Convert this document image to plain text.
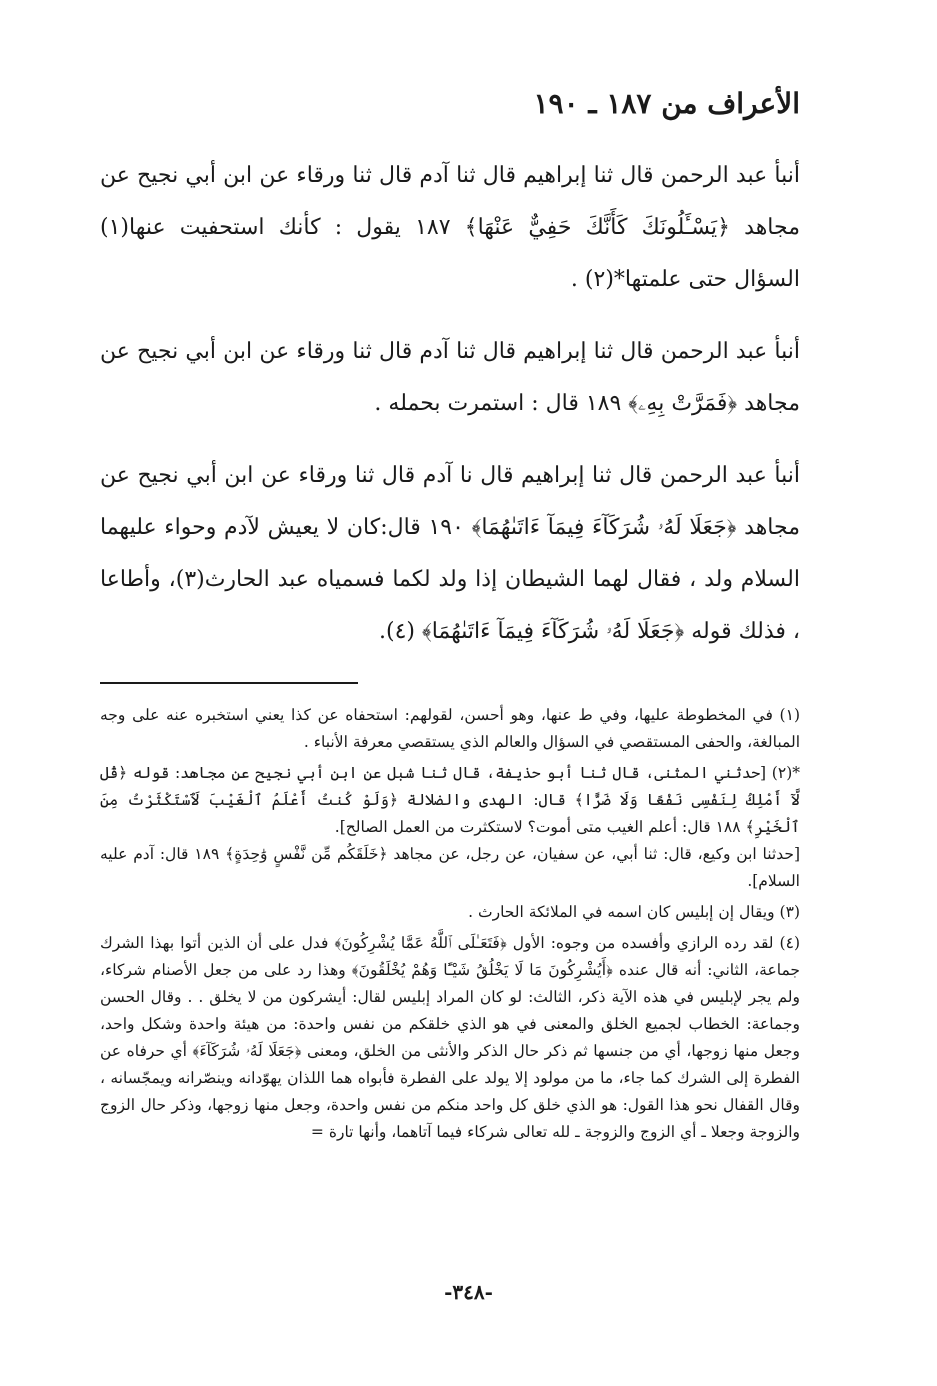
الأعراف من ١٨٧ ـ ١٩٠

أنبأ عبد الرحمن قال ثنا إبراهيم قال ثنا آدم قال ثنا ورقاء عن ابن أبي نجيح عن مجاهد ﴿يَسْـَٔلُونَكَ كَأَنَّكَ حَفِيٌّ عَنْهَا﴾ ١٨٧ يقول : كأنك استحفيت عنها(١) السؤال حتى علمتها*(٢) .

أنبأ عبد الرحمن قال ثنا إبراهيم قال ثنا آدم قال ثنا ورقاء عن ابن أبي نجيح عن مجاهد ﴿فَمَرَّتْ بِهِۦ﴾ ١٨٩ قال : استمرت بحمله .

أنبأ عبد الرحمن قال ثنا إبراهيم قال نا آدم قال ثنا ورقاء عن ابن أبي نجيح عن مجاهد ﴿جَعَلَا لَهُۥ شُرَكَآءَ فِيمَآ ءَاتَىٰهُمَا﴾ ١٩٠ قال:كان لا يعيش لآدم وحواء عليهما السلام ولد ، فقال لهما الشيطان إذا ولد لكما فسمياه عبد الحارث(٣)، وأطاعا ، فذلك قوله ﴿جَعَلَا لَهُۥ شُرَكَآءَ فِيمَآ ءَاتَىٰهُمَا﴾ (٤).

(١) في المخطوطة عليها، وفي ط عنها، وهو أحسن، لقولهم: استحفاه عن كذا يعني استخبره عنه على وجه المبالغة، والحفى المستقصي في السؤال والعالم الذي يستقصي معرفة الأنباء .

*(٢) [حدثني المثنى، قال ثنا أبو حذيفة، قال ثنا شبل عن ابن أبي نجيح عن مجاهد: قوله ﴿قُل لَّآ أَمْلِكُ لِنَفْسِى نَفْعًا وَلَا ضَرًّا﴾ قال: الهدى والضلالة ﴿وَلَوْ كُنتُ أَعْلَمُ ٱلْغَيْبَ لَٱسْتَكْثَرْتُ مِنَ ٱلْخَيْرِ﴾ ١٨٨ قال: أعلم الغيب متى أموت؟ لاستكثرت من العمل الصالح].

[حدثنا ابن وكيع، قال: ثنا أبي، عن سفيان، عن رجل، عن مجاهد ﴿خَلَقَكُم مِّن نَّفْسٍ وَٰحِدَةٍ﴾ ١٨٩ قال: آدم عليه السلام].

(٣) ويقال إن إبليس كان اسمه في الملائكة الحارث .

(٤) لقد رده الرازي وأفسده من وجوه: الأول ﴿فَتَعَـٰلَى ٱللَّهُ عَمَّا يُشْرِكُونَ﴾ فدل على أن الذين أتوا بهذا الشرك جماعة، الثاني: أنه قال عنده ﴿أَيُشْرِكُونَ مَا لَا يَخْلُقُ شَيْـًٔا وَهُمْ يُخْلَقُونَ﴾ وهذا رد على من جعل الأصنام شركاء، ولم يجر لإبليس في هذه الآية ذكر، الثالث: لو كان المراد إبليس لقال: أيشركون من لا يخلق . . وقال الحسن وجماعة: الخطاب لجميع الخلق والمعنى في هو الذي خلقكم من نفس واحدة: من هيئة واحدة وشكل واحد، وجعل منها زوجها، أي من جنسها ثم ذكر حال الذكر والأنثى من الخلق، ومعنى ﴿جَعَلَا لَهُۥ شُرَكَآءَ﴾ أي حرفاه عن الفطرة إلى الشرك كما جاء، ما من مولود إلا يولد على الفطرة فأبواه هما اللذان يهوّدانه وينصّرانه ويمجّسانه ، وقال القفال نحو هذا القول: هو الذي خلق كل واحد منكم من نفس واحدة، وجعل منها زوجها، وذكر حال الزوج والزوجة وجعلا ـ أي الزوج والزوجة ـ لله تعالى شركاء فيما آتاهما، وأنها تارة =

-٣٤٨-
